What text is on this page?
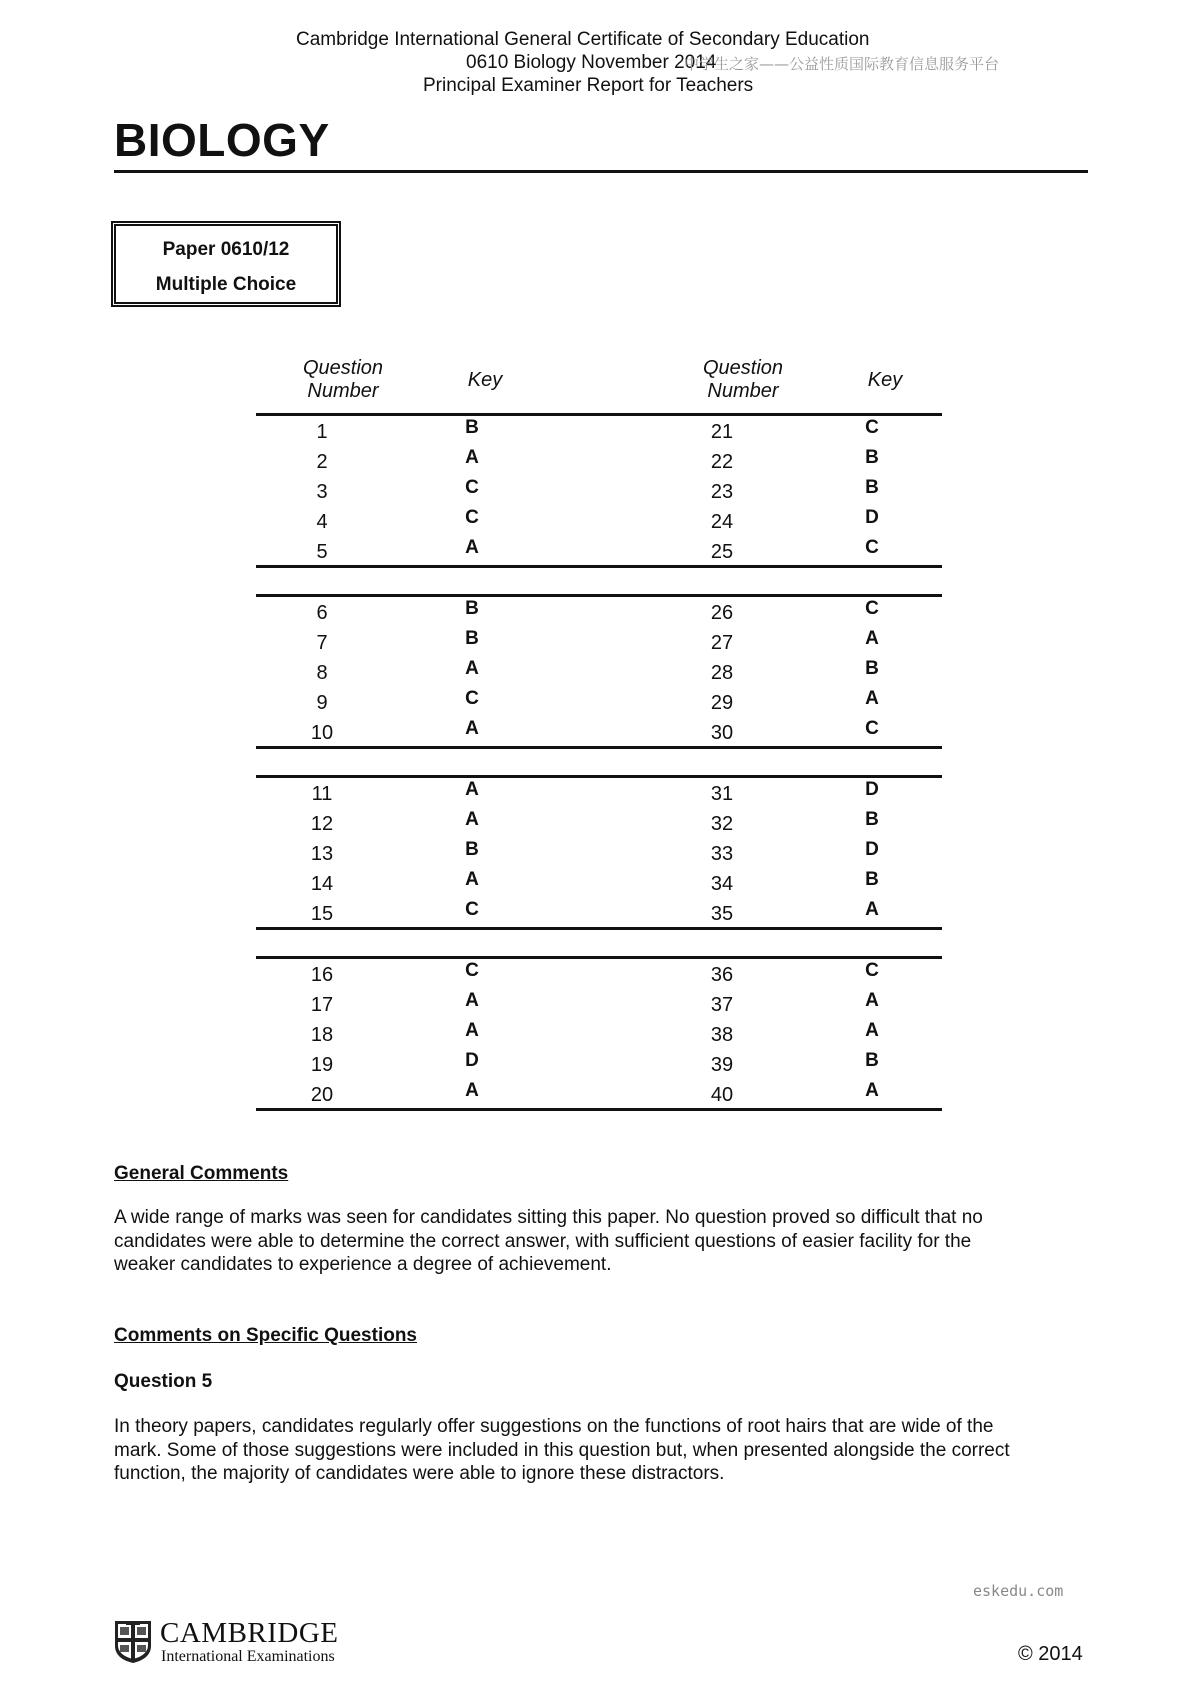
Cambridge International General Certificate of Secondary Education
0610 Biology November 2014
中学生之家——公益性质国际教育信息服务平台
Principal Examiner Report for Teachers
BIOLOGY
Paper 0610/12
Multiple Choice
Question
Number	Key
Question
Number	Key
1	B	21	C
2	A	22	B
3	C	23	B
4	C	24	D
5	A	25	C
6	B	26	C
7	B	27	A
8	A	28	B
9	C	29	A
10	A	30	C
11	A	31	D
12	A	32	B
13	B	33	D
14	A	34	B
15	C	35	A
16	C	36	C
17	A	37	A
18	A	38	A
19	D	39	B
20	A	40	A
General Comments
A wide range of marks was seen for candidates sitting this paper. No question proved so difficult that no
candidates were able to determine the correct answer, with sufficient questions of easier facility for the
weaker candidates to experience a degree of achievement.
Comments on Specific Questions
Question 5
In theory papers, candidates regularly offer suggestions on the functions of root hairs that are wide of the
mark. Some of those suggestions were included in this question but, when presented alongside the correct
function, the majority of candidates were able to ignore these distractors.
eskedu.com
CAMBRIDGE
International Examinations	© 2014
